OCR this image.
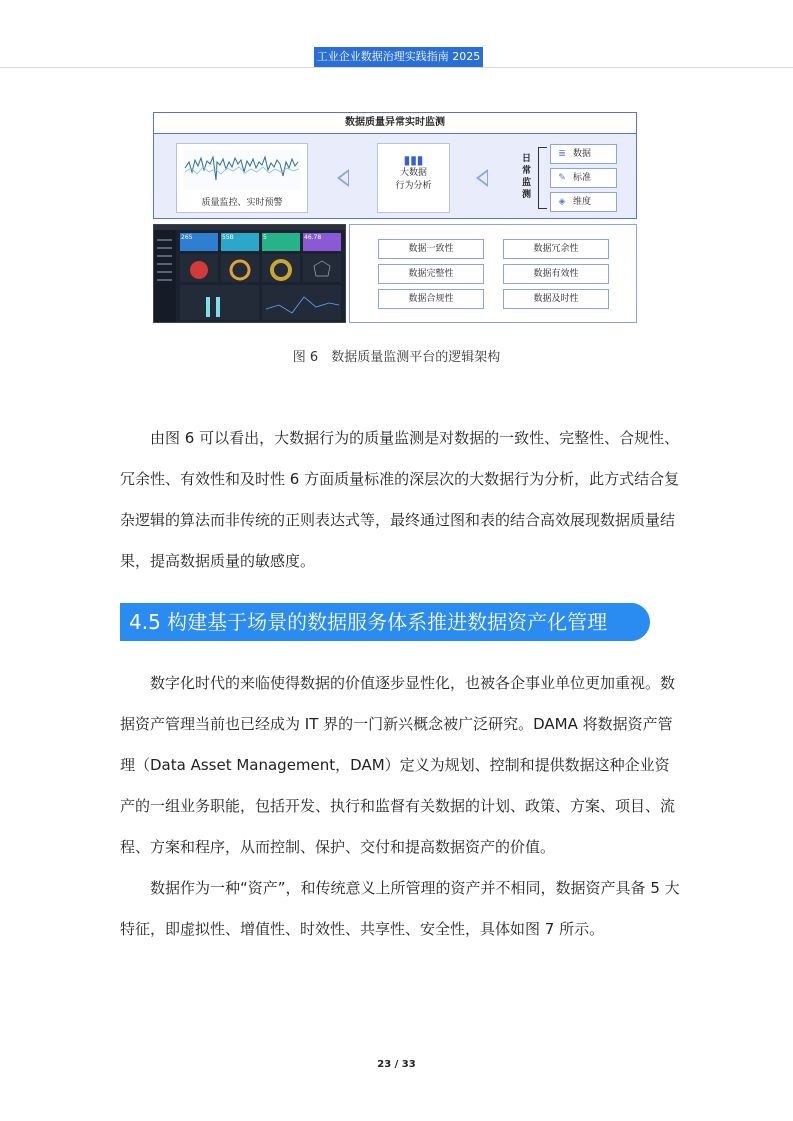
工业企业数据治理实践指南 2025
数据质量异常实时监测
质量监控、实时预警
▮▮▮
大数据
行为分析
日常监测
≣ 数据
✎ 标准
◈ 维度
265	55B	5	46.78
数据一致性	数据冗余性
数据完整性	数据有效性
数据合规性	数据及时性
图 6　数据质量监测平台的逻辑架构

由图 6 可以看出，大数据行为的质量监测是对数据的一致性、完整性、合规性、冗余性、有效性和及时性 6 方面质量标准的深层次的大数据行为分析，此方式结合复杂逻辑的算法而非传统的正则表达式等，最终通过图和表的结合高效展现数据质量结果，提高数据质量的敏感度。

4.5 构建基于场景的数据服务体系推进数据资产化管理

数字化时代的来临使得数据的价值逐步显性化，也被各企事业单位更加重视。数据资产管理当前也已经成为 IT 界的一门新兴概念被广泛研究。DAMA 将数据资产管理（Data Asset Management，DAM）定义为规划、控制和提供数据这种企业资产的一组业务职能，包括开发、执行和监督有关数据的计划、政策、方案、项目、流程、方案和程序，从而控制、保护、交付和提高数据资产的价值。

数据作为一种“资产”，和传统意义上所管理的资产并不相同，数据资产具备 5 大特征，即虚拟性、增值性、时效性、共享性、安全性，具体如图 7 所示。

23 / 33
